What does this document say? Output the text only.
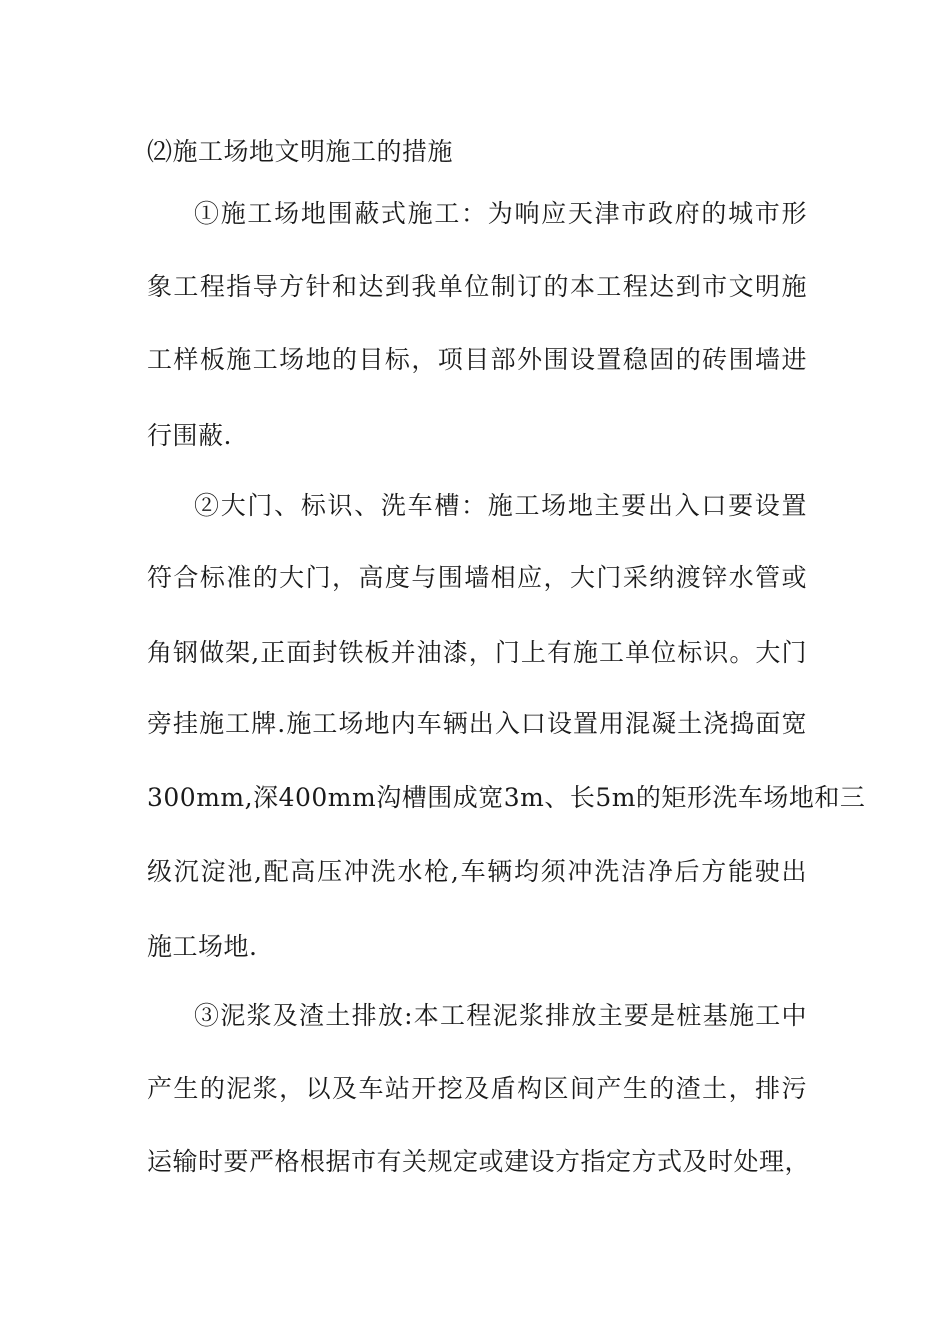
⑵施工场地文明施工的措施
①施工场地围蔽式施工：为响应天津市政府的城市形
象工程指导方针和达到我单位制订的本工程达到市文明施
工样板施工场地的目标，项目部外围设置稳固的砖围墙进
行围蔽.
②大门、标识、洗车槽：施工场地主要出入口要设置
符合标准的大门，高度与围墙相应，大门采纳渡锌水管或
角钢做架,正面封铁板并油漆，门上有施工单位标识。大门
旁挂施工牌.施工场地内车辆出入口设置用混凝土浇捣面宽
300mm,深400mm沟槽围成宽3m、长5m的矩形洗车场地和三
级沉淀池,配高压冲洗水枪,车辆均须冲洗洁净后方能驶出
施工场地.
③泥浆及渣土排放:本工程泥浆排放主要是桩基施工中
产生的泥浆，以及车站开挖及盾构区间产生的渣土，排污
运输时要严格根据市有关规定或建设方指定方式及时处理，
